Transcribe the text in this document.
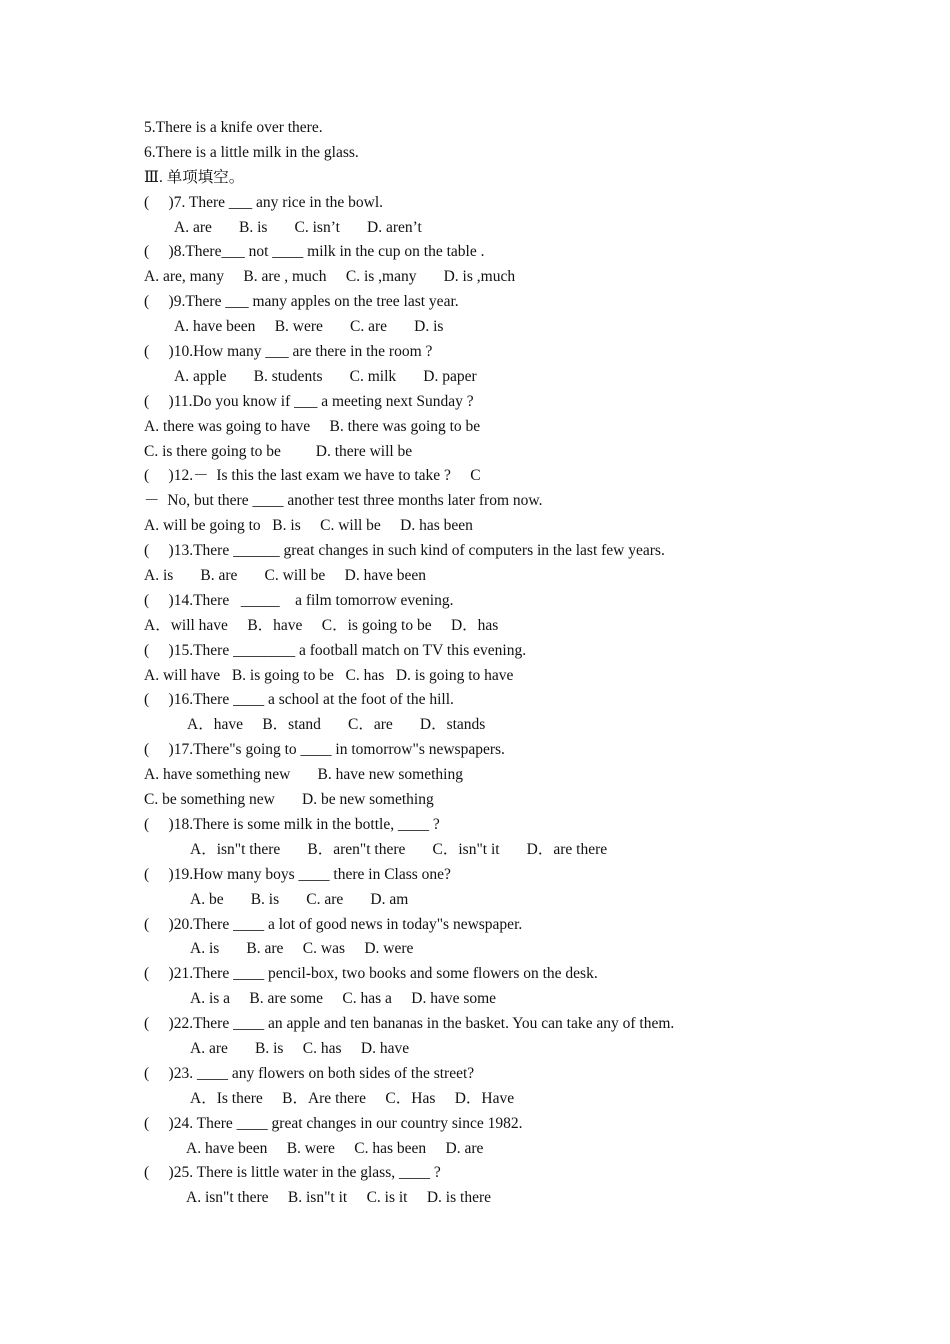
5.There is a knife over there.
6.There is a little milk in the glass.
Ⅲ. 单项填空。
(     )7. There ___ any rice in the bowl.
A. are       B. is       C. isn’t       D. aren’t
(     )8.There___ not ____ milk in the cup on the table .
A. are, many     B. are , much     C. is ,many       D. is ,much
(     )9.There ___ many apples on the tree last year.
A. have been     B. were       C. are       D. is
(     )10.How many ___ are there in the room ?
A. apple       B. students       C. milk       D. paper
(     )11.Do you know if ___ a meeting next Sunday ?
A. there was going to have     B. there was going to be
C. is there going to be         D. there will be
(     )12.－  Is this the last exam we have to take ?     C
－  No, but there ____ another test three months later from now.
A. will be going to   B. is     C. will be     D. has been
(     )13.There ______ great changes in such kind of computers in the last few years.
A. is       B. are       C. will be     D. have been
(     )14.There   _____    a film tomorrow evening.
A．will have     B．have     C．is going to be     D．has
(     )15.There ________ a football match on TV this evening.
A. will have   B. is going to be   C. has   D. is going to have
(     )16.There ____ a school at the foot of the hill.
A．have     B．stand       C．are       D．stands
(     )17.There"s going to ____ in tomorrow"s newspapers.
A. have something new       B. have new something
C. be something new       D. be new something
(     )18.There is some milk in the bottle, ____ ?
A．isn"t there       B．aren"t there       C．isn"t it       D．are there
(     )19.How many boys ____ there in Class one?
A. be       B. is       C. are       D. am
(     )20.There ____ a lot of good news in today"s newspaper.
A. is       B. are     C. was     D. were
(     )21.There ____ pencil-box, two books and some flowers on the desk.
A. is a     B. are some     C. has a     D. have some
(     )22.There ____ an apple and ten bananas in the basket. You can take any of them.
A. are       B. is     C. has     D. have
(     )23. ____ any flowers on both sides of the street?
A．Is there     B．Are there     C．Has     D．Have
(     )24. There ____ great changes in our country since 1982.
A. have been     B. were     C. has been     D. are
(     )25. There is little water in the glass, ____ ?
A. isn"t there     B. isn"t it     C. is it     D. is there
